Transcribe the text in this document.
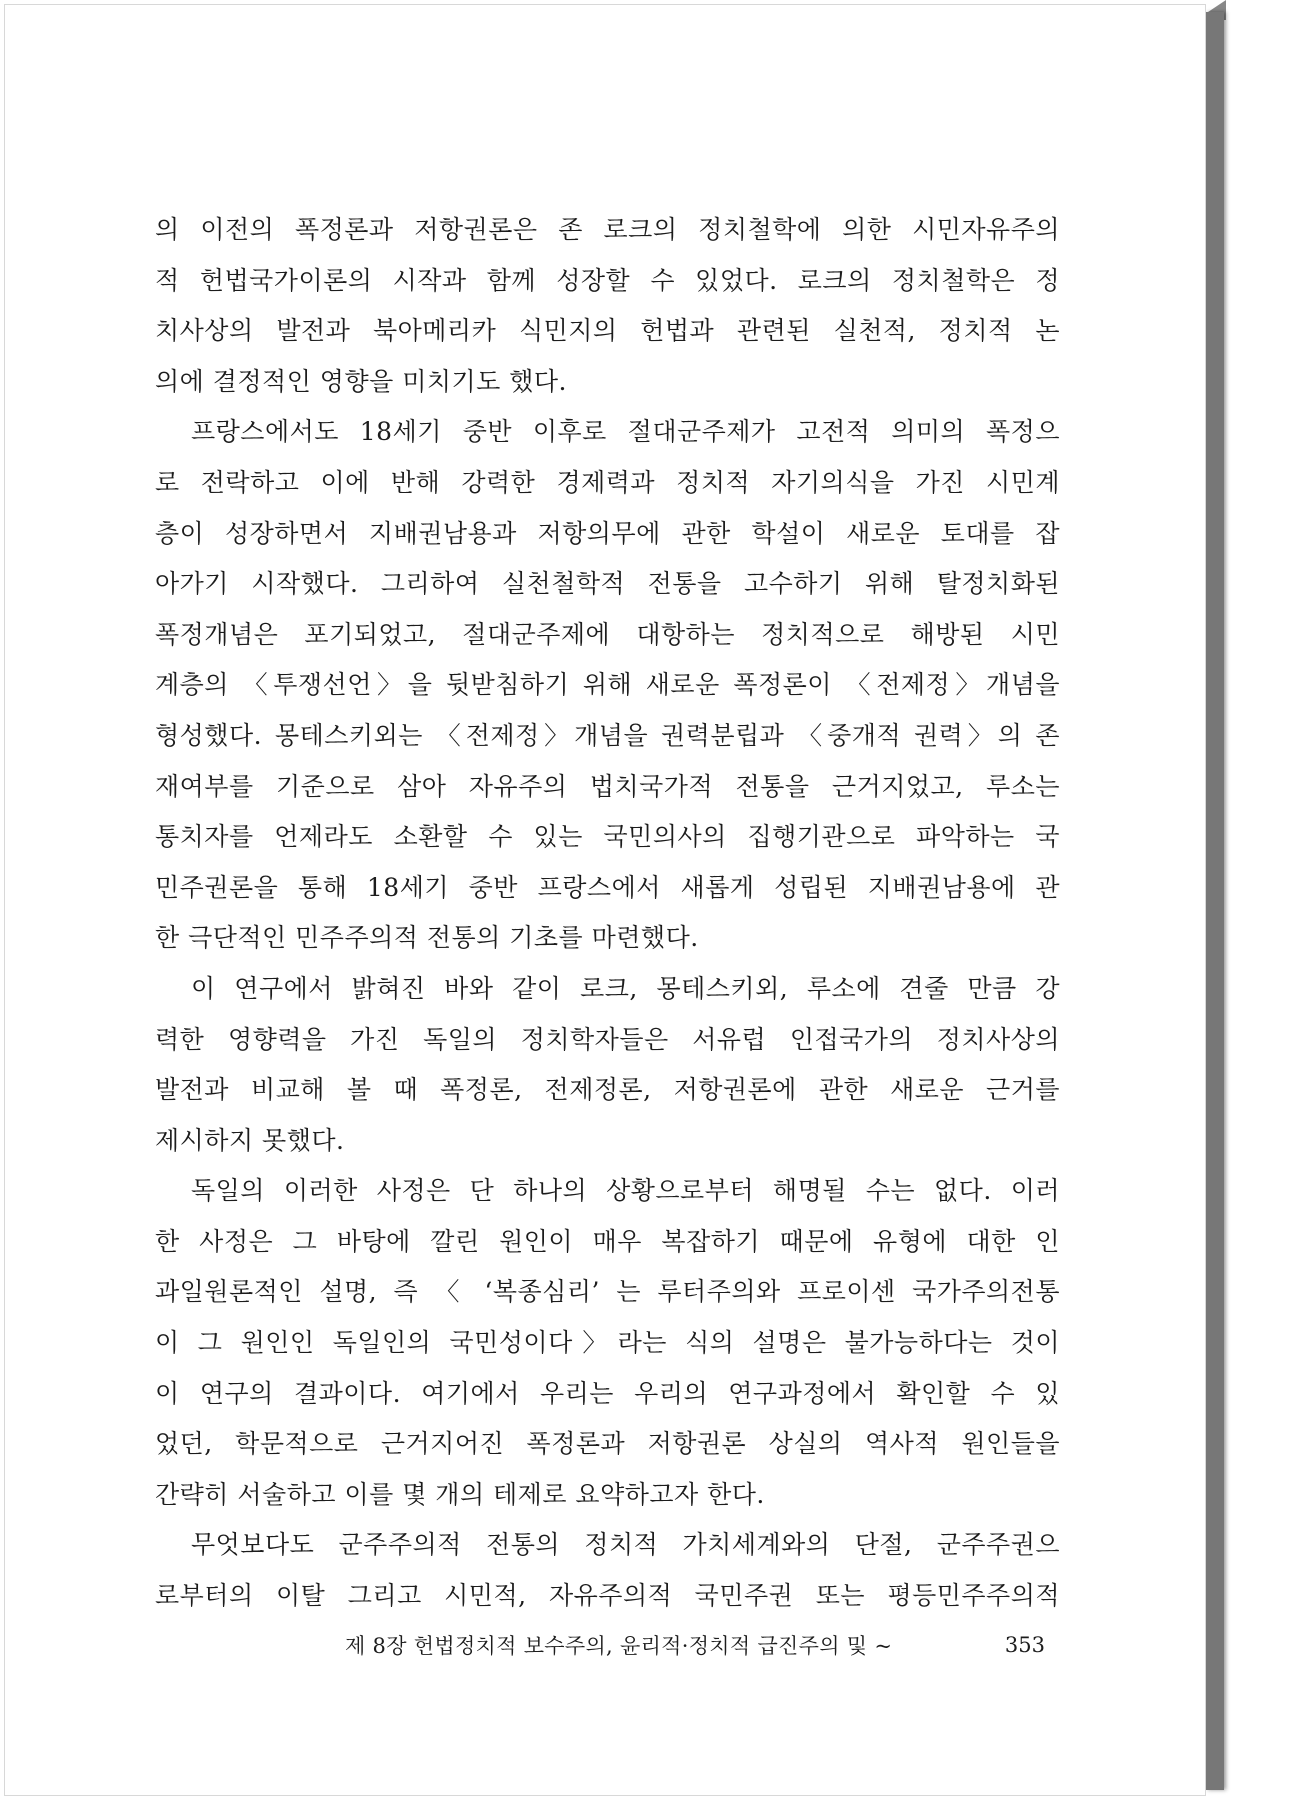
의 이전의 폭정론과 저항권론은 존 로크의 정치철학에 의한 시민자유주의
적 헌법국가이론의 시작과 함께 성장할 수 있었다. 로크의 정치철학은 정
치사상의 발전과 북아메리카 식민지의 헌법과 관련된 실천적, 정치적 논
의에 결정적인 영향을 미치기도 했다.
프랑스에서도 18세기 중반 이후로 절대군주제가 고전적 의미의 폭정으
로 전락하고 이에 반해 강력한 경제력과 정치적 자기의식을 가진 시민계
층이 성장하면서 지배권남용과 저항의무에 관한 학설이 새로운 토대를 잡
아가기 시작했다. 그리하여 실천철학적 전통을 고수하기 위해 탈정치화된
폭정개념은 포기되었고, 절대군주제에 대항하는 정치적으로 해방된 시민
계층의 〈투쟁선언〉을 뒷받침하기 위해 새로운 폭정론이 〈전제정〉개념을
형성했다. 몽테스키외는 〈전제정〉개념을 권력분립과 〈중개적 권력〉의 존
재여부를 기준으로 삼아 자유주의 법치국가적 전통을 근거지었고, 루소는
통치자를 언제라도 소환할 수 있는 국민의사의 집행기관으로 파악하는 국
민주권론을 통해 18세기 중반 프랑스에서 새롭게 성립된 지배권남용에 관
한 극단적인 민주주의적 전통의 기초를 마련했다.
이 연구에서 밝혀진 바와 같이 로크, 몽테스키외, 루소에 견줄 만큼 강
력한 영향력을 가진 독일의 정치학자들은 서유럽 인접국가의 정치사상의
발전과 비교해 볼 때 폭정론, 전제정론, 저항권론에 관한 새로운 근거를
제시하지 못했다.
독일의 이러한 사정은 단 하나의 상황으로부터 해명될 수는 없다. 이러
한 사정은 그 바탕에 깔린 원인이 매우 복잡하기 때문에 유형에 대한 인
과일원론적인 설명, 즉 〈 ‘복종심리’ 는 루터주의와 프로이센 국가주의전통
이 그 원인인 독일인의 국민성이다〉라는 식의 설명은 불가능하다는 것이
이 연구의 결과이다. 여기에서 우리는 우리의 연구과정에서 확인할 수 있
었던, 학문적으로 근거지어진 폭정론과 저항권론 상실의 역사적 원인들을
간략히 서술하고 이를 몇 개의 테제로 요약하고자 한다.
무엇보다도 군주주의적 전통의 정치적 가치세계와의 단절, 군주주권으
로부터의 이탈 그리고 시민적, 자유주의적 국민주권 또는 평등민주주의적
제 8장 헌법정치적 보수주의, 윤리적·정치적 급진주의 및 ~	353
